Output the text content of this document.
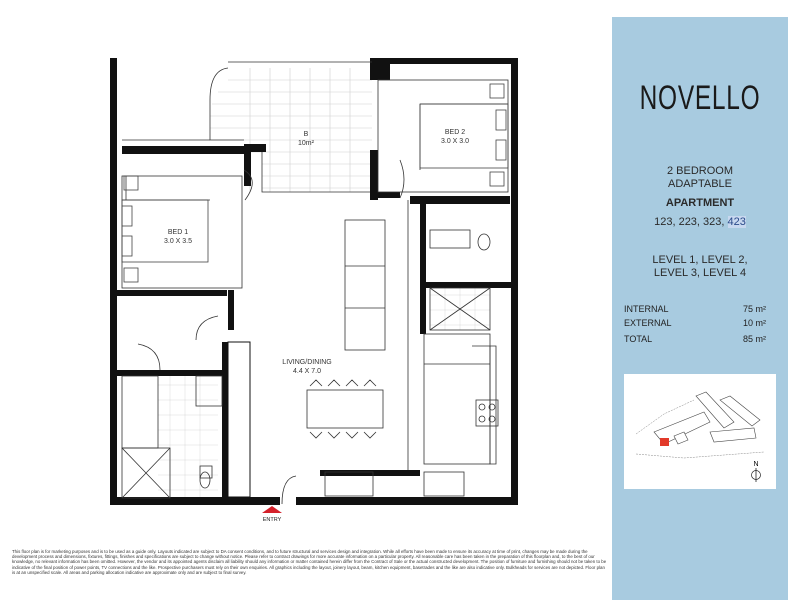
B
10m²
BED 2
3.0 X 3.0
BED 1
3.0 X 3.5
LIVING/DINING
4.4 X 7.0
ENTRY
NOVELLO
2 BEDROOM
ADAPTABLE
APARTMENT
123, 223, 323, 423
LEVEL 1, LEVEL 2,
LEVEL 3, LEVEL 4
INTERNAL	75 m²
EXTERNAL	10 m²
TOTAL	85 m²
N
This floor plan is for marketing purposes and is to be used as a guide only. Layouts indicated are subject to DA consent conditions, and to future structural and services design and integration. While all efforts have been made to ensure its accuracy at time of print, changes may be made during the development process and dimensions, fixtures, fittings, finishes and specifications are subject to change without notice. Please refer to contract drawings for more accurate information on a particular property. All reasonable care has been taken in the preparation of this floorplan and, to the best of our knowledge, no relevant information has been omitted. However, the vendor and its appointed agents disclaim all liability should any information or matter contained herein differ from the Contract of Sale or the actual constructed development. The position of furniture and furnishing should not be taken to be indicative of the final position of power points, TV connections and the like. Prospective purchasers must rely on their own enquiries. All graphics including the layout, joinery layout, beam, kitchen equipment, basetrades and the like are also indicative only. Bulkheads for services are not depicted. Floor plan is at an unspecified scale. All areas and parking allocation indicative are approximate only and are subject to final survey.
